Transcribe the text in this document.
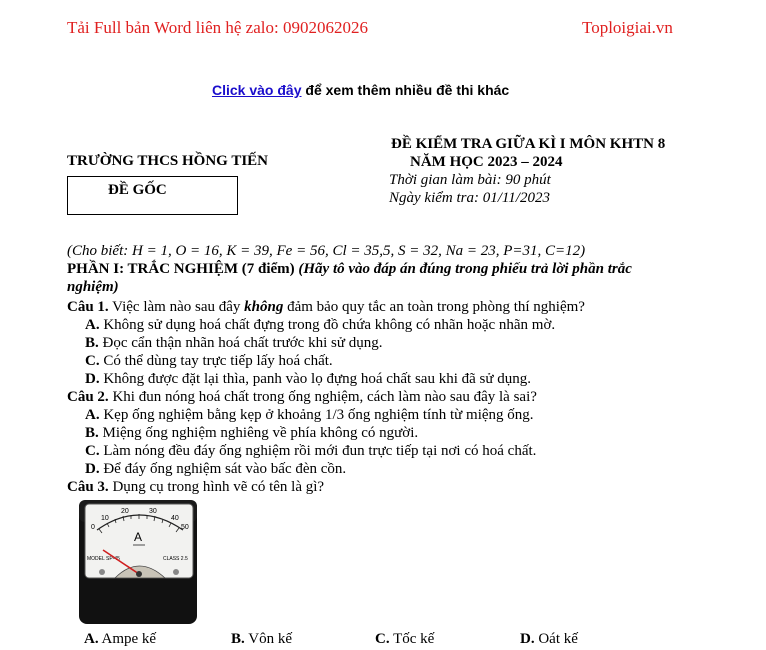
Tải Full bản Word liên hệ zalo: 0902062026	Toploigiai.vn
Click vào đây để xem thêm nhiều đề thi khác
ĐỀ KIỂM TRA GIỮA KÌ I MÔN KHTN 8
NĂM HỌC 2023 – 2024
TRƯỜNG THCS HỒNG TIẾN
ĐỀ GỐC
Thời gian làm bài: 90 phút
Ngày kiểm tra: 01/11/2023
(Cho biết: H = 1, O = 16, K = 39, Fe = 56, Cl = 35,5, S = 32, Na = 23, P=31, C=12)
PHẦN I: TRẮC NGHIỆM (7 điểm) (Hãy tô vào đáp án đúng trong phiếu trả lời phần trắc
nghiệm)
Câu 1. Việc làm nào sau đây không đảm bảo quy tắc an toàn trong phòng thí nghiệm?
A. Không sử dụng hoá chất đựng trong đồ chứa không có nhãn hoặc nhãn mờ.
B. Đọc cẩn thận nhãn hoá chất trước khi sử dụng.
C. Có thể dùng tay trực tiếp lấy hoá chất.
D. Không được đặt lại thìa, panh vào lọ đựng hoá chất sau khi đã sử dụng.
Câu 2. Khi đun nóng hoá chất trong ống nghiệm, cách làm nào sau đây là sai?
A. Kẹp ống nghiệm bằng kẹp ở khoảng 1/3 ống nghiệm tính từ miệng ống.
B. Miệng ống nghiệm nghiêng về phía không có người.
C. Làm nóng đều đáy ống nghiệm rồi mới đun trực tiếp tại nơi có hoá chất.
D. Để đáy ống nghiệm sát vào bấc đèn cồn.
Câu 3. Dụng cụ trong hình vẽ có tên là gì?
0
10
20	30
40
50
A
MODEL SP-45	CLASS 2.5
A. Ampe kế	B. Vôn kế	C. Tốc kế	D. Oát kế
